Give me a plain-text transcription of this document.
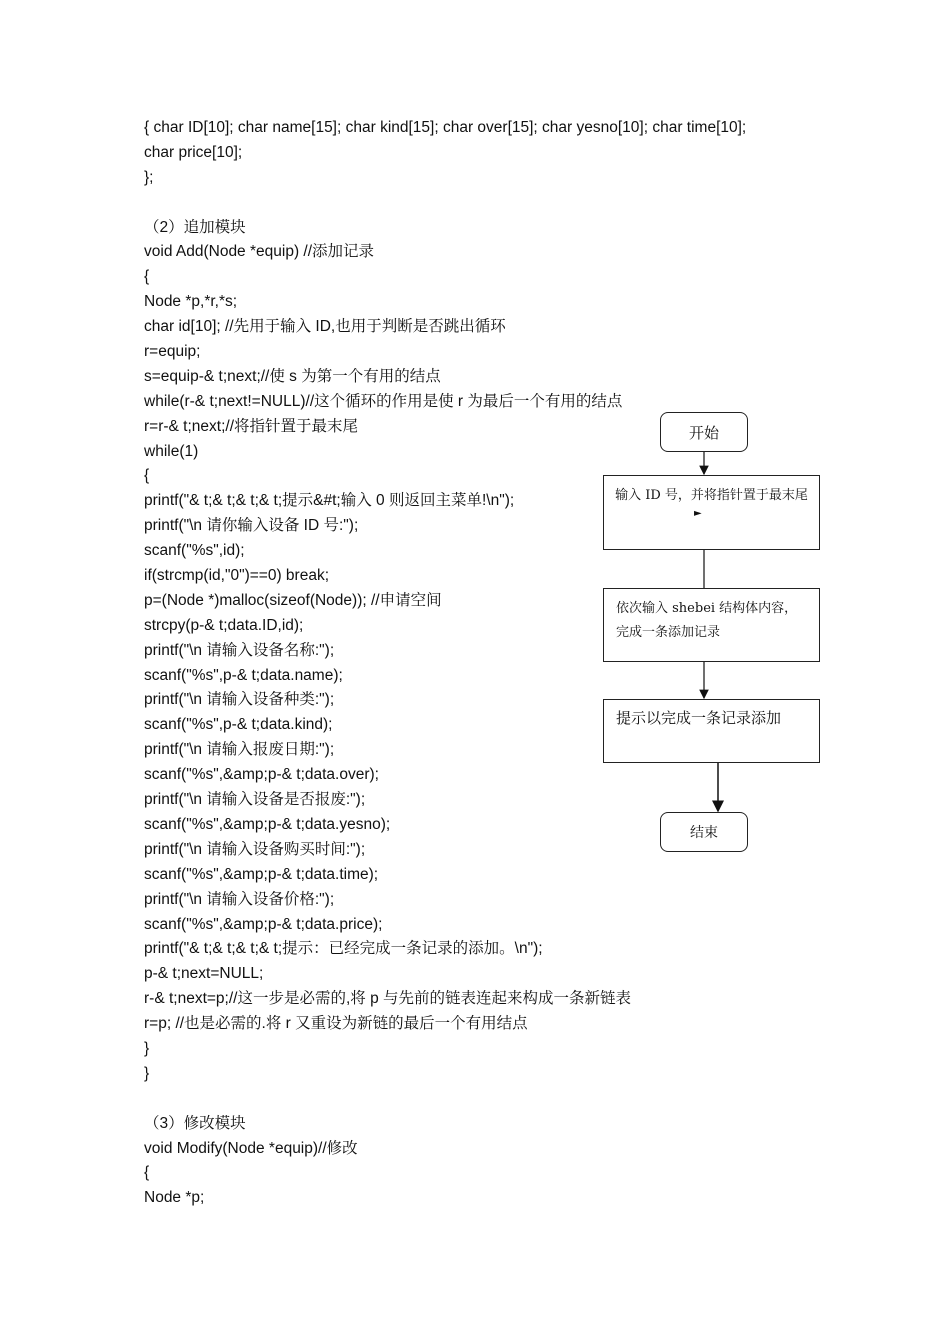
{ char ID[10]; char name[15]; char kind[15]; char over[15]; char yesno[10]; char time[10];
char price[10];
};
（2）追加模块
void Add(Node *equip) //添加记录
{
Node *p,*r,*s;
char id[10]; //先用于输入 ID,也用于判断是否跳出循环
r=equip;
s=equip-& t;next;//使 s 为第一个有用的结点
while(r-& t;next!=NULL)//这个循环的作用是使 r 为最后一个有用的结点
r=r-& t;next;//将指针置于最末尾
while(1)
{
printf("& t;& t;& t;& t;提示&#t;输入 0 则返回主菜单!\n");
printf("\n 请你输入设备 ID 号:");
scanf("%s",id);
if(strcmp(id,"0")==0) break;
p=(Node *)malloc(sizeof(Node)); //申请空间
strcpy(p-& t;data.ID,id);
printf("\n 请输入设备名称:");
scanf("%s",p-& t;data.name);
printf("\n 请输入设备种类:");
scanf("%s",p-& t;data.kind);
printf("\n 请输入报废日期:");
scanf("%s",&amp;p-& t;data.over);
printf("\n 请输入设备是否报废:");
scanf("%s",&amp;p-& t;data.yesno);
printf("\n 请输入设备购买时间:");
scanf("%s",&amp;p-& t;data.time);
printf("\n 请输入设备价格:");
scanf("%s",&amp;p-& t;data.price);
printf("& t;& t;& t;& t;提示：已经完成一条记录的添加。\n");
p-& t;next=NULL;
r-& t;next=p;//这一步是必需的,将 p 与先前的链表连起来构成一条新链表
r=p; //也是必需的.将 r 又重设为新链的最后一个有用结点
}
}
（3）修改模块
void Modify(Node *equip)//修改
{
Node *p;
开始
输入 ID 号，并将指针置于最末尾
►
依次输入 shebei 结构体内容，完成一条添加记录
提示以完成一条记录添加
结束
